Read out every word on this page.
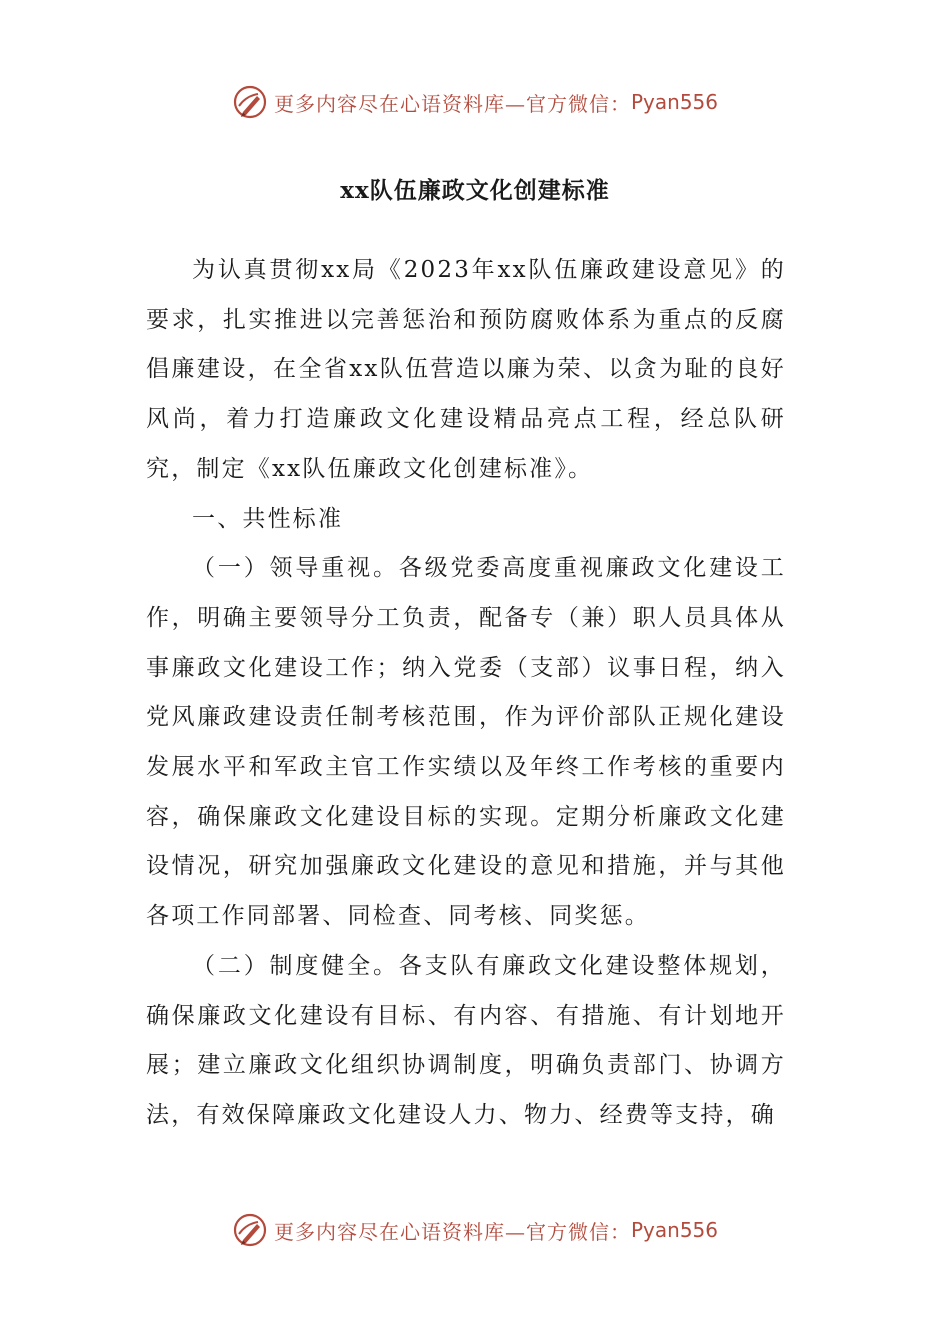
更多内容尽在心语资料库—官方微信： Pyan556
xx队伍廉政文化创建标准

为认真贯彻xx局《2023年xx队伍廉政建设意见》的要求，扎实推进以完善惩治和预防腐败体系为重点的反腐倡廉建设，在全省xx队伍营造以廉为荣、以贪为耻的良好风尚，着力打造廉政文化建设精品亮点工程，经总队研究，制定《xx队伍廉政文化创建标准》。

一、共性标准

（一）领导重视。各级党委高度重视廉政文化建设工作，明确主要领导分工负责，配备专（兼）职人员具体从事廉政文化建设工作；纳入党委（支部）议事日程，纳入党风廉政建设责任制考核范围，作为评价部队正规化建设发展水平和军政主官工作实绩以及年终工作考核的重要内容，确保廉政文化建设目标的实现。定期分析廉政文化建设情况，研究加强廉政文化建设的意见和措施，并与其他各项工作同部署、同检查、同考核、同奖惩。

（二）制度健全。各支队有廉政文化建设整体规划，确保廉政文化建设有目标、有内容、有措施、有计划地开展；建立廉政文化组织协调制度，明确负责部门、协调方法，有效保障廉政文化建设人力、物力、经费等支持，确

更多内容尽在心语资料库—官方微信： Pyan556
